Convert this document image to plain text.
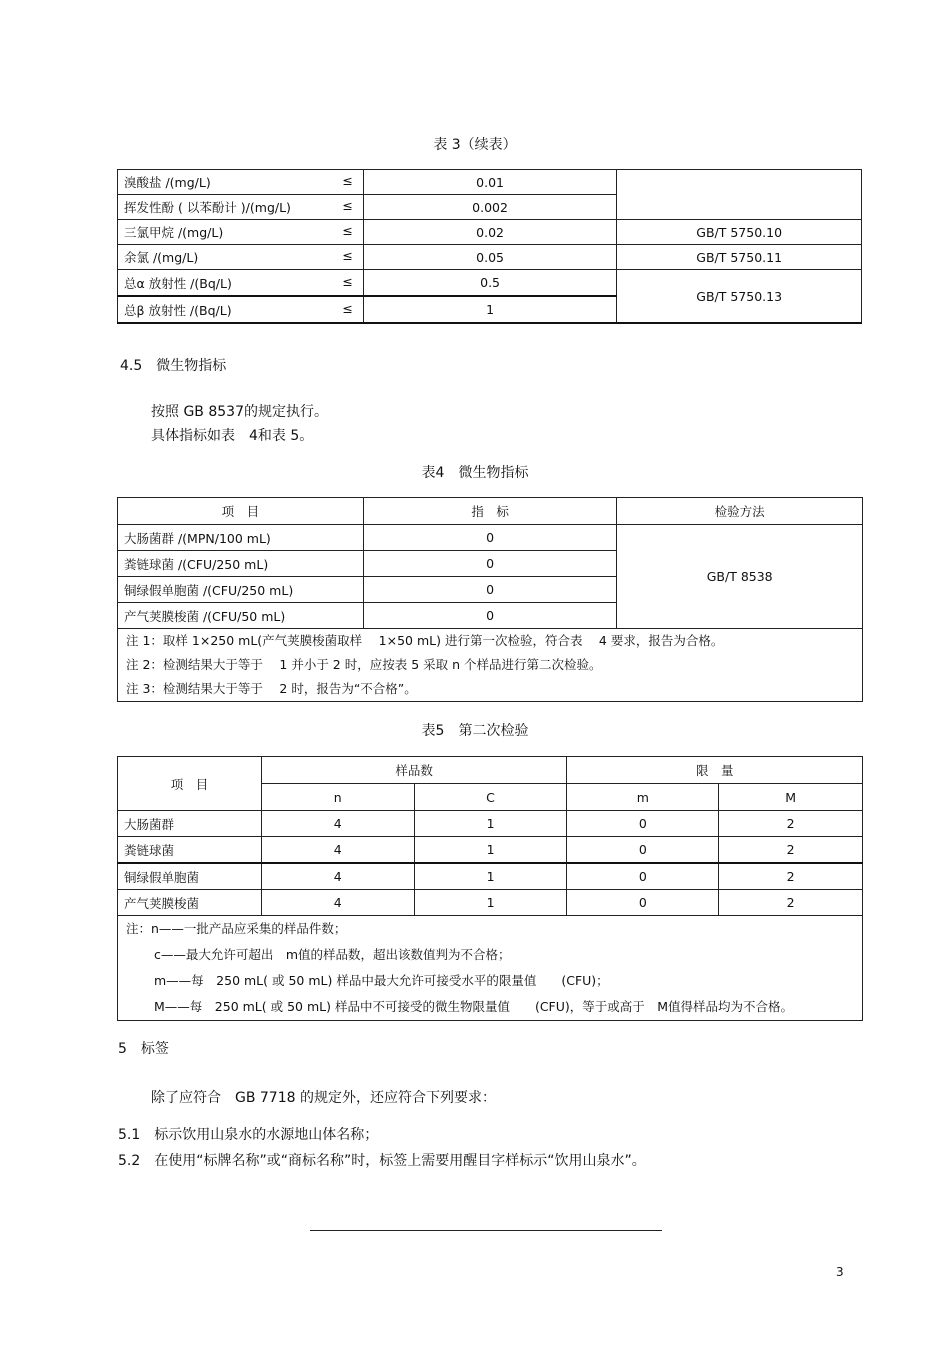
表 3（续表）
溴酸盐 /(mg/L) ≤	0.01	
挥发性酚 ( 以苯酚计 )/(mg/L) ≤	0.002	
三氯甲烷 /(mg/L) ≤	0.02	GB/T 5750.10
余氯 /(mg/L) ≤	0.05	GB/T 5750.11
总α 放射性 /(Bq/L) ≤	0.5	GB/T 5750.13
总β 放射性 /(Bq/L) ≤	1	
4.5　微生物指标
按照 GB 8537的规定执行。
具体指标如表　4和表 5。
表4　微生物指标
项　目	指　标	检验方法
大肠菌群 /(MPN/100 mL)	0	GB/T 8538
粪链球菌 /(CFU/250 mL)	0	
铜绿假单胞菌 /(CFU/250 mL)	0	
产气荚膜梭菌 /(CFU/50 mL)	0	

注 1：取样 1×250 mL(产气荚膜梭菌取样　 1×50 mL) 进行第一次检验，符合表　 4 要求，报告为合格。
注 2：检测结果大于等于　 1 并小于 2 时，应按表 5 采取 n 个样品进行第二次检验。
注 3：检测结果大于等于　 2 时，报告为“不合格”。		
表5　第二次检验
项　目	样品数		限　量	
	n	C	m	M
大肠菌群	4	1	0	2
粪链球菌	4	1	0	2
铜绿假单胞菌	4	1	0	2
产气荚膜梭菌	4	1	0	2

注：n——一批产品应采集的样品件数；
c——最大允许可超出　m值的样品数，超出该数值判为不合格；
m——每　250 mL( 或 50 mL) 样品中最大允许可接受水平的限量值　　(CFU)；
M——每　250 mL( 或 50 mL) 样品中不可接受的微生物限量值　　(CFU)，等于或高于　M值得样品均为不合格。				
5　标签
除了应符合　GB 7718 的规定外，还应符合下列要求：
5.1　标示饮用山泉水的水源地山体名称；
5.2　在使用“标牌名称”或“商标名称”时，标签上需要用醒目字样标示“饮用山泉水”。
3
